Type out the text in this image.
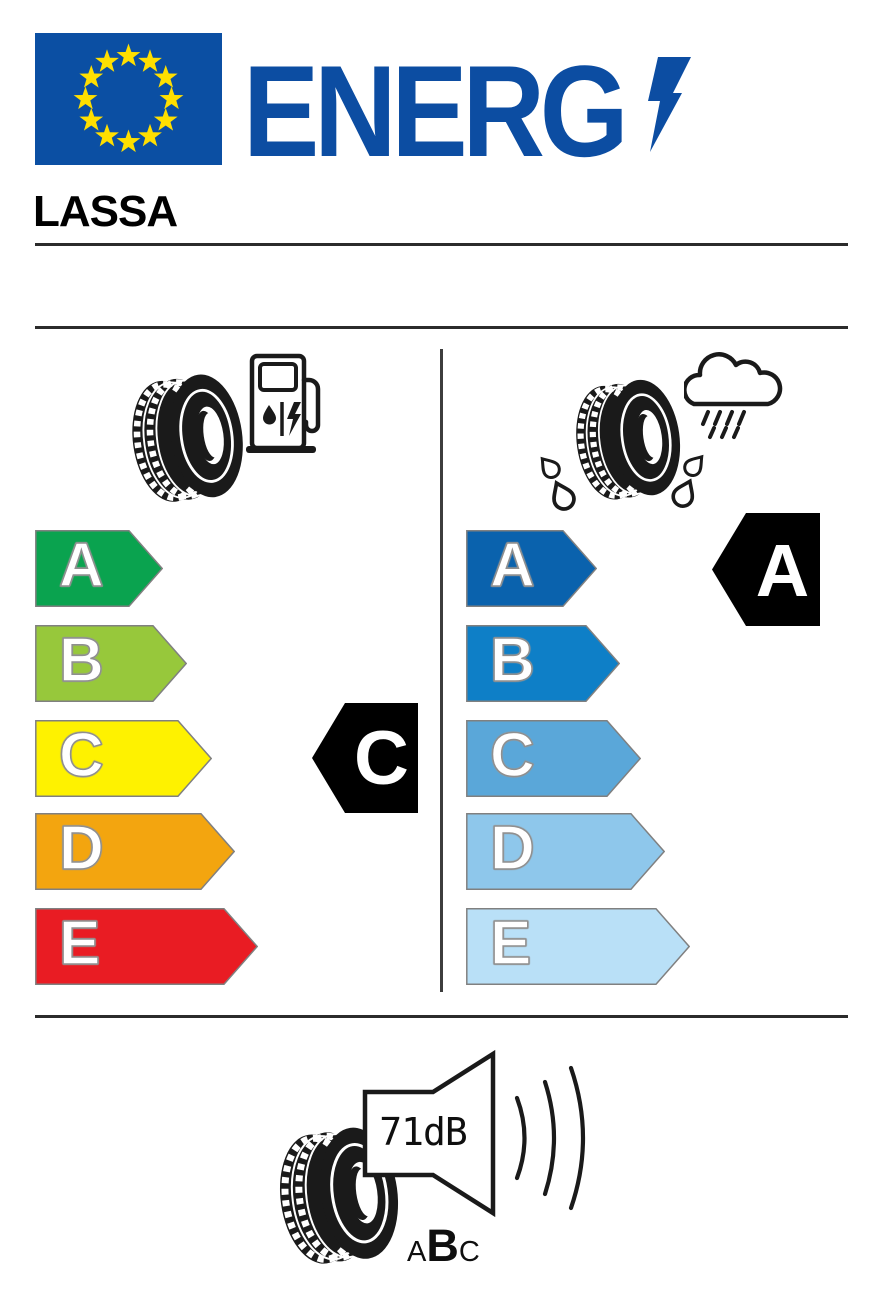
ENERG
LASSA
C
A
71dB
A B C
A
B
C
D
E
A
B
C
D
E
